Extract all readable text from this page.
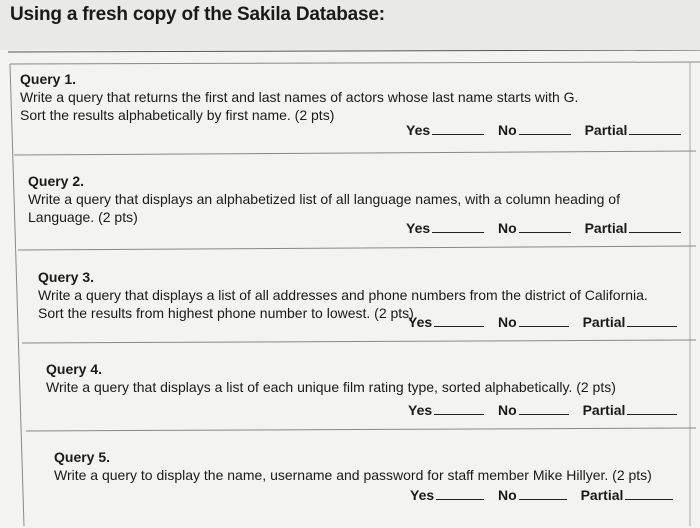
Using a fresh copy of the Sakila Database:
Query 1.
Write a query that returns the first and last names of actors whose last name starts with G.
Sort the results alphabetically by first name. (2 pts)
Yes	No	Partial
Query 2.
Write a query that displays an alphabetized list of all language names, with a column heading of
Language. (2 pts)
Yes	No	Partial
Query 3.
Write a query that displays a list of all addresses and phone numbers from the district of California.
Sort the results from highest phone number to lowest. (2 pts)
Yes	No	Partial
Query 4.
Write a query that displays a list of each unique film rating type, sorted alphabetically. (2 pts)
Yes	No	Partial
Query 5.
Write a query to display the name, username and password for staff member Mike Hillyer. (2 pts)
Yes	No	Partial
